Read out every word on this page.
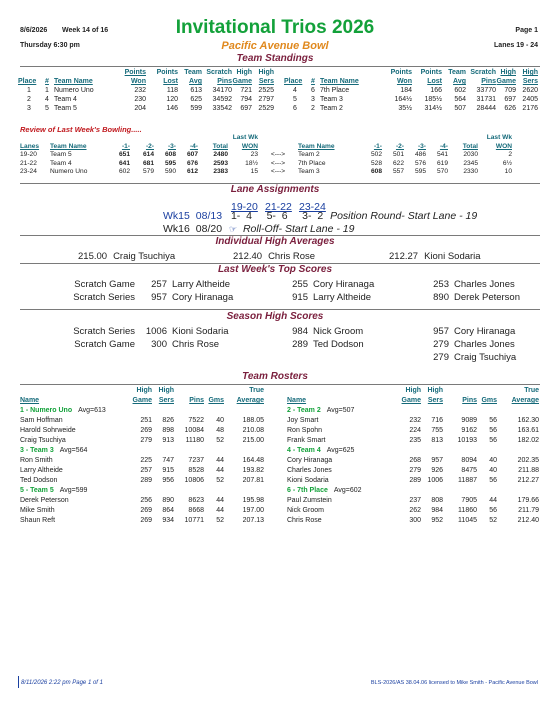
8/6/2026 Week 14 of 16	Invitational Trios 2026	Page 1
Thursday 6:30 pm	Pacific Avenue Bowl	Lanes 19 - 24
Team Standings
			Points	Points	Team	Scratch	High	High
Place	#	Team Name	Won	Lost	Avg	Pins	Game	Sers
1	1	Numero Uno	232	118	613	34170	721	2525
2	4	Team 4	230	120	625	34592	794	2797
3	5	Team 5	204	146	599	33542	697	2529
			Points	Points	Team	Scratch	High	High
Place	#	Team Name	Won	Lost	Avg	Pins	Game	Sers
4	6	7th Place	184	166	602	33770	709	2620
5	3	Team 3	164½	185½	564	31731	697	2405
6	2	Team 2	35½	314½	507	28444	626	2176
Review of Last Week's Bowling.....
							Last Wk								Last Wk
Lanes	Team Name	-1-	-2-	-3-	-4-	Total	WON		Team Name	-1-	-2-	-3-	-4-	Total	WON
19-20	Team 5	651	614	608	607	2480	23	<--->	Team 2	502	501	486	541	2030	2
21-22	Team 4	641	681	595	676	2593	18½	<--->	7th Place	528	622	576	619	2345	6½
23-24	Numero Uno	602	579	590	612	2383	15	<--->	Team 3	608	557	595	570	2330	10
Lane Assignments
19-20 21-22 23-24
Wk15 08/13 1-  4     5-  6     3-  2 Position Round- Start Lane - 19
Wk16 08/20 ☞ Roll-Off- Start Lane - 19
Individual High Averages
215.00 Craig Tsuchiya	212.40 Chris Rose	212.27 Kioni Sodaria
Last Week's Top Scores
Scratch Game	257	Larry Altheide	255	Cory Hiranaga	253	Charles Jones
Scratch Series	957	Cory Hiranaga	915	Larry Altheide	890	Derek Peterson
Season High Scores
Scratch Series	1006	Kioni Sodaria	984	Nick Groom	957	Cory Hiranaga
Scratch Game	300	Chris Rose	289	Ted Dodson	279	Charles Jones
					279	Craig Tsuchiya
Team Rosters
	High	High			True
Name	Game	Sers	Pins	Gms	Average
1 - Numero Uno Avg=613					
Sam Hoffman	251	826	7522	40	188.05
Harold Sohrweide	269	898	10084	48	210.08
Craig Tsuchiya	279	913	11180	52	215.00
3 - Team 3 Avg=564					
Ron Smith	225	747	7237	44	164.48
Larry Altheide	257	915	8528	44	193.82
Ted Dodson	289	956	10806	52	207.81
5 - Team 5 Avg=599					
Derek Peterson	256	890	8623	44	195.98
Mike Smith	269	864	8668	44	197.00
Shaun Reft	269	934	10771	52	207.13
	High	High			True
Name	Game	Sers	Pins	Gms	Average
2 - Team 2 Avg=507					
Joy Smart	232	716	9089	56	162.30
Ron Spohn	224	755	9162	56	163.61
Frank Smart	235	813	10193	56	182.02
4 - Team 4 Avg=625					
Cory Hiranaga	268	957	8094	40	202.35
Charles Jones	279	926	8475	40	211.88
Kioni Sodaria	289	1006	11887	56	212.27
6 - 7th Place Avg=602					
Paul Zumstein	237	808	7905	44	179.66
Nick Groom	262	984	11860	56	211.79
Chris Rose	300	952	11045	52	212.40
8/11/2026 2:22 pm Page 1 of 1	BLS-2026/AS 38.04.06 licensed to Mike Smith - Pacific Avenue Bowl
